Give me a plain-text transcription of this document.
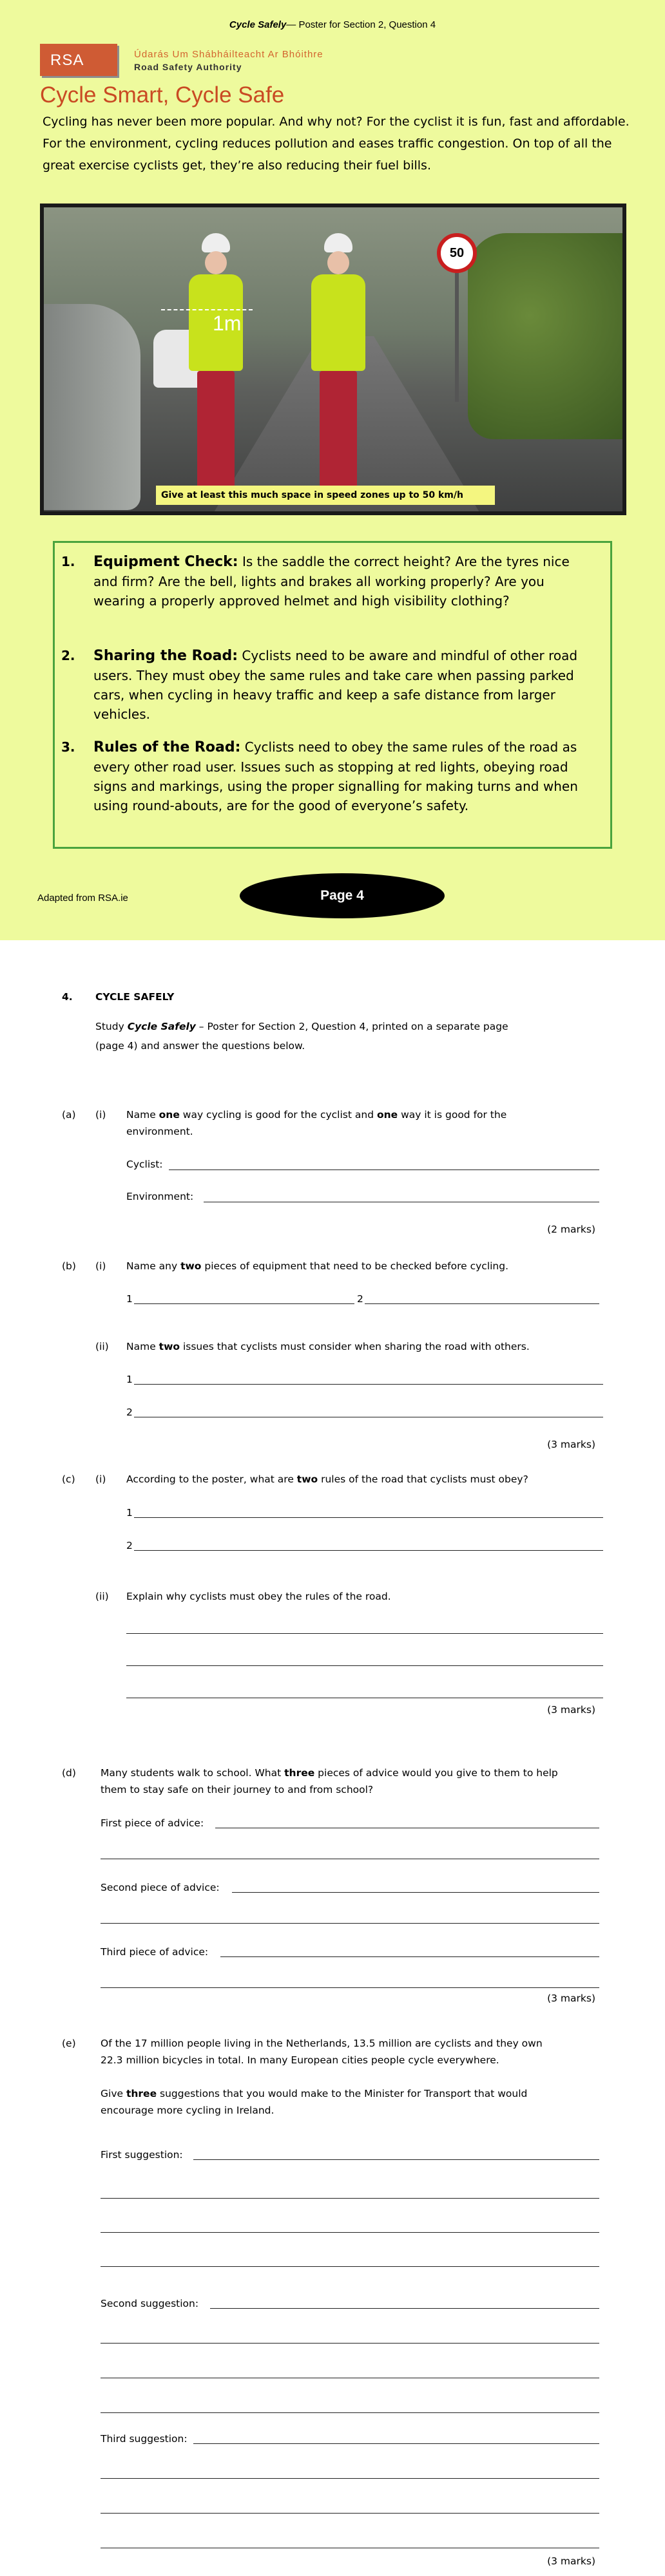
Cycle Safely— Poster for Section 2, Question 4
RSA	Údarás Um Shábháilteacht Ar Bhóithre
Road Safety Authority
Cycle Smart, Cycle Safe
Cycling has never been more popular. And why not? For the cyclist it is fun, fast and affordable. For the environment, cycling reduces pollution and eases traffic congestion. On top of all the great exercise cyclists get, they’re also reducing their fuel bills.
50
1m
Give at least this much space in speed zones up to 50 km/h
1. Equipment Check: Is the saddle the correct height? Are the tyres nice and firm? Are the bell, lights and brakes all working properly? Are you wearing a properly approved helmet and high visibility clothing?
2. Sharing the Road: Cyclists need to be aware and mindful of other road users. They must obey the same rules and take care when passing parked cars, when cycling in heavy traffic and keep a safe distance from larger vehicles.
3. Rules of the Road: Cyclists need to obey the same rules of the road as every other road user. Issues such as stopping at red lights, obeying road signs and markings, using the proper signalling for making turns and when using round-abouts, are for the good of everyone’s safety.
Adapted from RSA.ie	Page 4
4. CYCLE SAFELY
Study Cycle Safely – Poster for Section 2, Question 4, printed on a separate page
(page 4) and answer the questions below.
(a) (i) Name one way cycling is good for the cyclist and one way it is good for the
environment.
Cyclist:
Environment:
(2 marks)
(b) (i) Name any two pieces of equipment that need to be checked before cycling.
1	2
(ii) Name two issues that cyclists must consider when sharing the road with others.
1
2
(3 marks)
(c) (i) According to the poster, what are two rules of the road that cyclists must obey?
1
2
(ii) Explain why cyclists must obey the rules of the road.
(3 marks)
(d) Many students walk to school. What three pieces of advice would you give to them to help
them to stay safe on their journey to and from school?
First piece of advice:
Second piece of advice:
Third piece of advice:
(3 marks)
(e) Of the 17 million people living in the Netherlands, 13.5 million are cyclists and they own
22.3 million bicycles in total. In many European cities people cycle everywhere.
Give three suggestions that you would make to the Minister for Transport that would
encourage more cycling in Ireland.
First suggestion:
Second suggestion:
Third suggestion:
(3 marks)
